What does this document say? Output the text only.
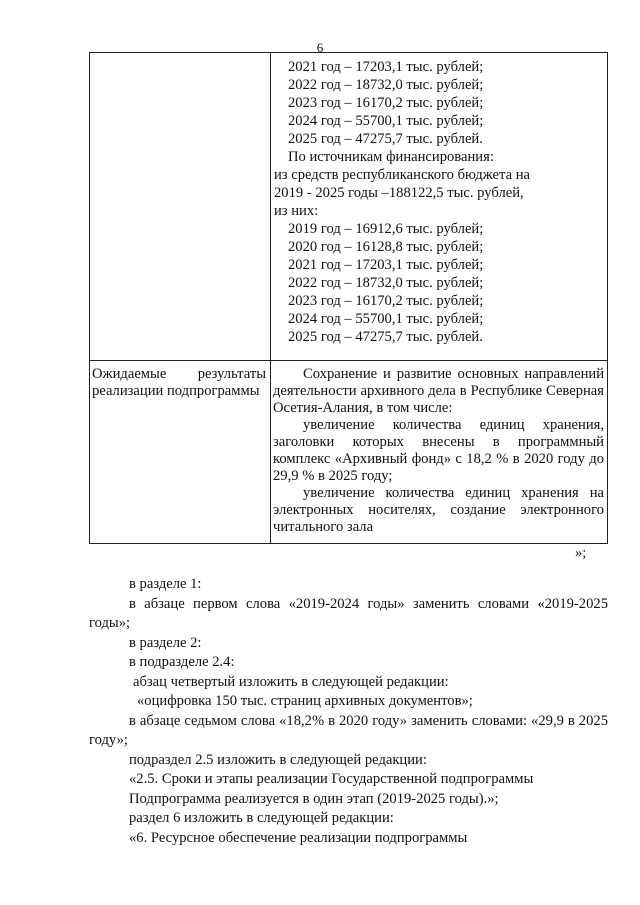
6
2021 год – 17203,1 тыс. рублей;
2022 год – 18732,0 тыс. рублей;
2023 год – 16170,2 тыс. рублей;
2024 год – 55700,1 тыс. рублей;
2025 год – 47275,7 тыс. рублей.
По источникам финансирования:
из средств республиканского бюджета на
2019 - 2025 годы –188122,5 тыс. рублей,
из них:
2019 год – 16912,6 тыс. рублей;
2020 год – 16128,8 тыс. рублей;
2021 год – 17203,1 тыс. рублей;
2022 год – 18732,0 тыс. рублей;
2023 год – 16170,2 тыс. рублей;
2024 год – 55700,1 тыс. рублей;
2025 год – 47275,7 тыс. рублей.
Ожидаемые результаты
реализации подпрограммы
Сохранение и развитие основных направлений деятельности архивного дела в Республике Северная Осетия-Алания, в том числе:
увеличение количества единиц хранения, заголовки которых внесены в программный комплекс «Архивный фонд» с 18,2 % в 2020 году до 29,9 % в 2025 году;
увеличение количества единиц хранения на электронных носителях, создание электронного читального зала
»;
в разделе 1:
в абзаце первом слова «2019-2024 годы» заменить словами «2019-2025 годы»;
в разделе 2:
в подразделе 2.4:
абзац четвертый изложить в следующей редакции:
«оцифровка 150 тыс. страниц архивных документов»;
в абзаце седьмом слова «18,2% в 2020 году» заменить словами: «29,9 в 2025 году»;
подраздел 2.5 изложить в следующей редакции:
«2.5. Сроки и этапы реализации Государственной подпрограммы
Подпрограмма реализуется в один этап (2019-2025 годы).»;
раздел 6 изложить в следующей редакции:
«6. Ресурсное обеспечение реализации подпрограммы
